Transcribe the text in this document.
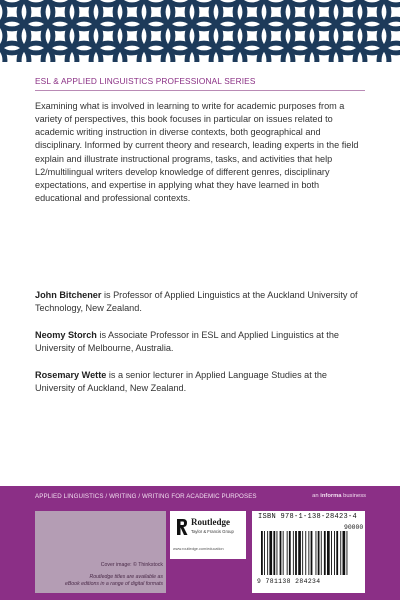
ESL & APPLIED LINGUISTICS PROFESSIONAL SERIES

Examining what is involved in learning to write for academic purposes from a variety of perspectives, this book focuses in particular on issues related to academic writing instruction in diverse contexts, both geographical and disciplinary. Informed by current theory and research, leading experts in the field explain and illustrate instructional programs, tasks, and activities that help L2/multilingual writers develop knowledge of different genres, disciplinary expectations, and expertise in applying what they have learned in both educational and professional contexts.

John Bitchener is Professor of Applied Linguistics at the Auckland University of Technology, New Zealand.

Neomy Storch is Associate Professor in ESL and Applied Linguistics at the University of Melbourne, Australia.

Rosemary Wette is a senior lecturer in Applied Language Studies at the University of Auckland, New Zealand.

APPLIED LINGUISTICS / WRITING / WRITING FOR ACADEMIC PURPOSES	an informa business
Cover image: © Thinkstock
Routledge titles are available as
eBook editions in a range of digital formats
Routledge
Taylor & Francis Group
www.routledge.com/education
ISBN 978-1-138-28423-4
90000
9 781138 284234
